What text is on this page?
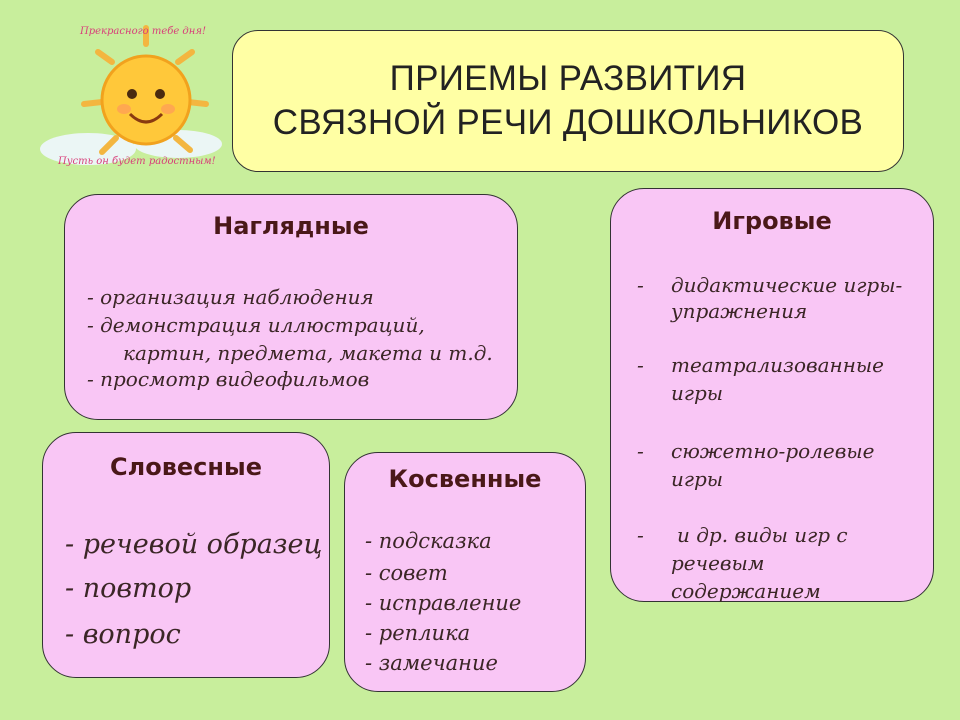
Прекрасного тебе дня!
Пусть он будет радостным!
ПРИЕМЫ РАЗВИТИЯ
СВЯЗНОЙ РЕЧИ ДОШКОЛЬНИКОВ
Наглядные
- организация наблюдения
- демонстрация иллюстраций,
картин, предмета, макета и т.д.
- просмотр видеофильмов
Игровые
- дидактические игры-
упражнения
- театрализованные
игры
- сюжетно-ролевые
игры
- и др. виды игр с
речевым
содержанием
Словесные
- речевой образец
- повтор
- вопрос
Косвенные
- подсказка
- совет
- исправление
- реплика
- замечание
